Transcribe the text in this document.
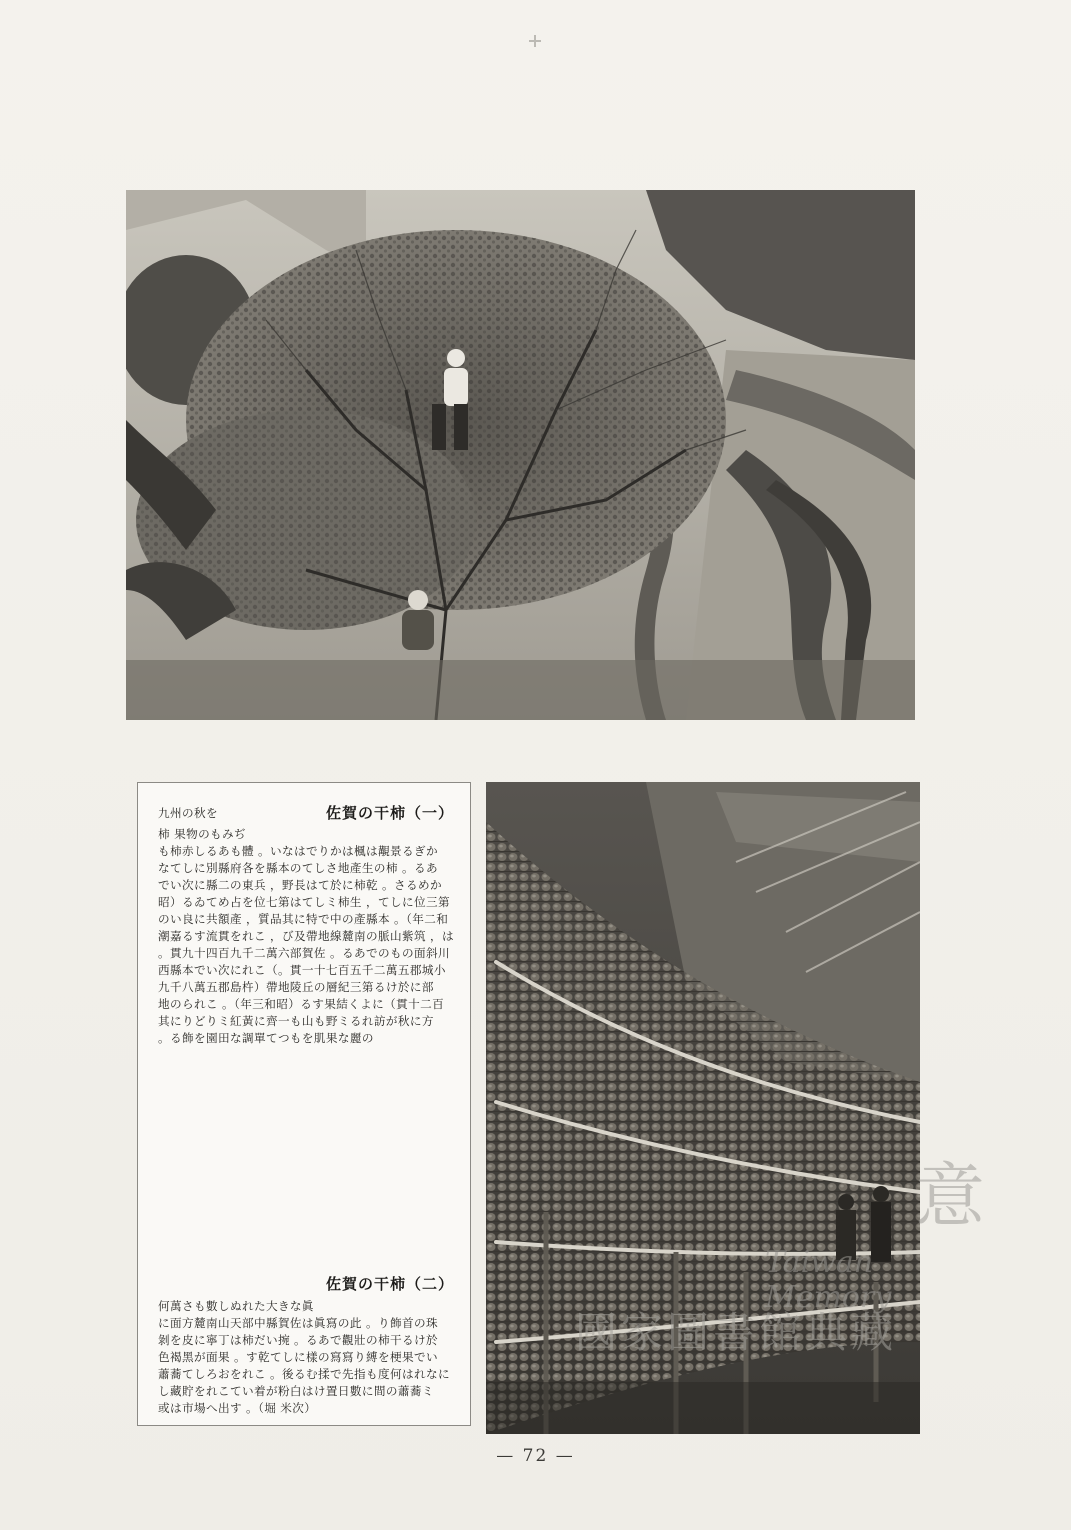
九州の秋を	佐賀の干柿（一）
柿 果物のもみぢ
も柿赤しるあも體 。いなはでりかは楓は覯景るぎか
なてしに別縣府各を縣本のてしさ地產生の柿 。るあ
でい次に縣二の東兵 ，野長はて於に柿乾 。さるめか
昭）るゐてめ占を位七第はてしミ柿生 ，てしに位三第
のい良に共額產 ，質品其に特で中の產縣本 。（年二和
潮嘉るす流貫をれこ ，び及帶地線麓南の脈山紫筑 ，は
。貫九十四百九千二萬六部賀佐 。るあでのもの面斜川
西縣本でい次にれこ（。貫一十七百五千二萬五郡城小
九千八萬五郡島杵）帶地陵丘の層紀三第るけ於に部
地のられこ 。（年三和昭）るす果結くよに（貫十二百
其にりどりミ紅黃に齊一も山も野ミるれ訪が秋に方
。る飾を園田な調單てつもを肌果な麗の
佐賀の干柿（二）
何萬さも數しぬれた大きな眞
に面方麓南山天部中縣賀佐は眞寫の此 。り飾首の珠
剝を皮に寧丁は柿だい捥 。るあで觀壯の柿干るけ於
色褐黑が面果 。す乾てしに樣の寫寫り縛を梗果でい
蕭蕎てしろおをれこ 。後るむ揉で先指も度何はれなに
し藏貯をれこてい着が粉白はけ置日數に間の蕭蕎ミ
或は市場へ出す 。（堀 米次）
意
Taiwan Memory
國家圖書館典藏
— 72 —
